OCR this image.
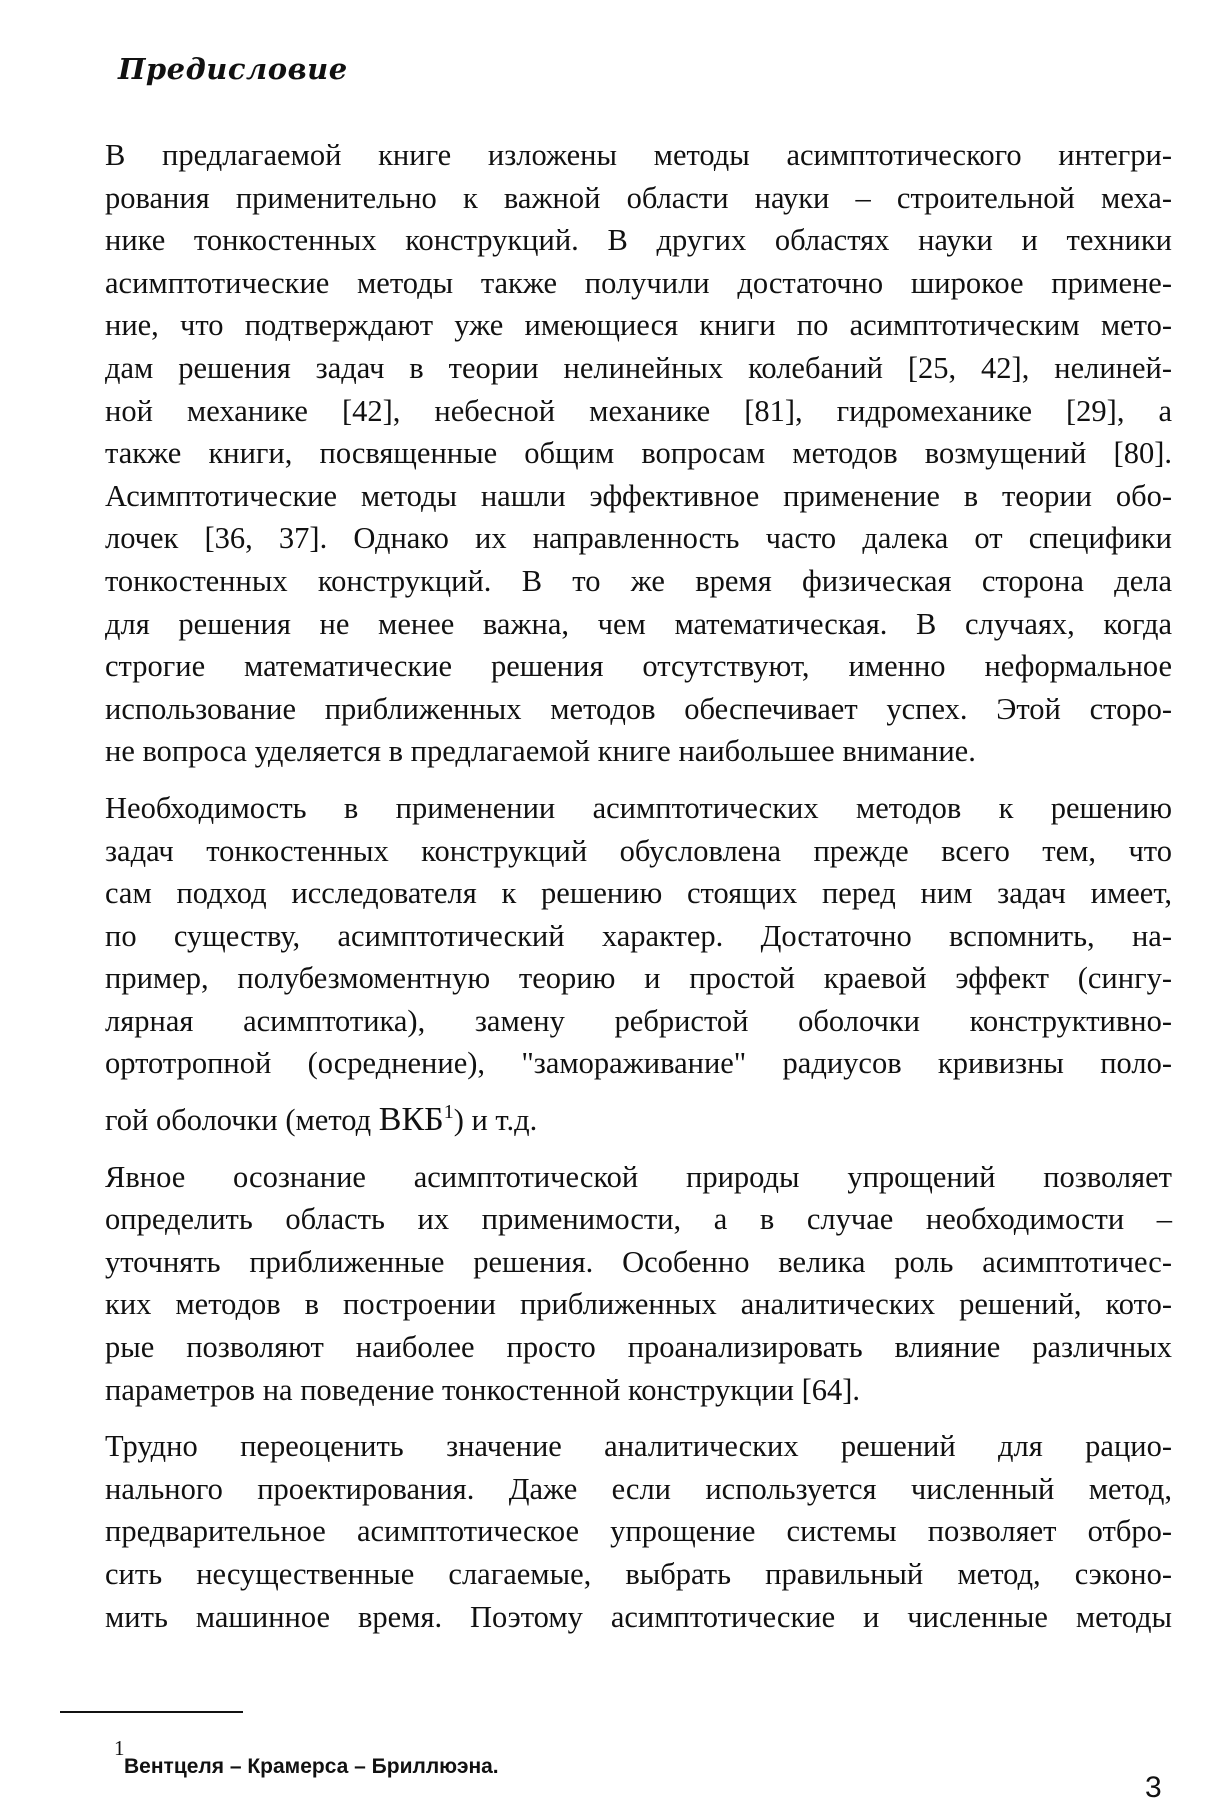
Предисловие
В предлагаемой книге изложены методы асимптотического интегри-
рования применительно к важной области науки – строительной меха-
нике тонкостенных конструкций. В других областях науки и техники
асимптотические методы также получили достаточно широкое примене-
ние, что подтверждают уже имеющиеся книги по асимптотическим мето-
дам решения задач в теории нелинейных колебаний [25, 42], нелиней-
ной механике [42], небесной механике [81], гидромеханике [29], а
также книги, посвященные общим вопросам методов возмущений [80].
Асимптотические методы нашли эффективное применение в теории обо-
лочек [36, 37]. Однако их направленность часто далека от специфики
тонкостенных конструкций. В то же время физическая сторона дела
для решения не менее важна, чем математическая. В случаях, когда
строгие математические решения отсутствуют, именно неформальное
использование приближенных методов обеспечивает успех. Этой сторо-
не вопроса уделяется в предлагаемой книге наибольшее внимание.
Необходимость в применении асимптотических методов к решению
задач тонкостенных конструкций обусловлена прежде всего тем, что
сам подход исследователя к решению стоящих перед ним задач имеет,
по существу, асимптотический характер. Достаточно вспомнить, на-
пример, полубезмоментную теорию и простой краевой эффект (сингу-
лярная асимптотика), замену ребристой оболочки конструктивно-
ортотропной (осреднение), "замораживание" радиусов кривизны поло-
гой оболочки (метод ВКБ$^1$) и т.д.
Явное осознание асимптотической природы упрощений позволяет
определить область их применимости, а в случае необходимости –
уточнять приближенные решения. Особенно велика роль асимптотичес-
ких методов в построении приближенных аналитических решений, кото-
рые позволяют наиболее просто проанализировать влияние различных
параметров на поведение тонкостенной конструкции [64].
Трудно переоценить значение аналитических решений для рацио-
нального проектирования. Даже если используется численный метод,
предварительное асимптотическое упрощение системы позволяет отбро-
сить несущественные слагаемые, выбрать правильный метод, сэконо-
мить машинное время. Поэтому асимптотические и численные методы
1
Вентцеля – Крамерса – Бриллюэна.
3
